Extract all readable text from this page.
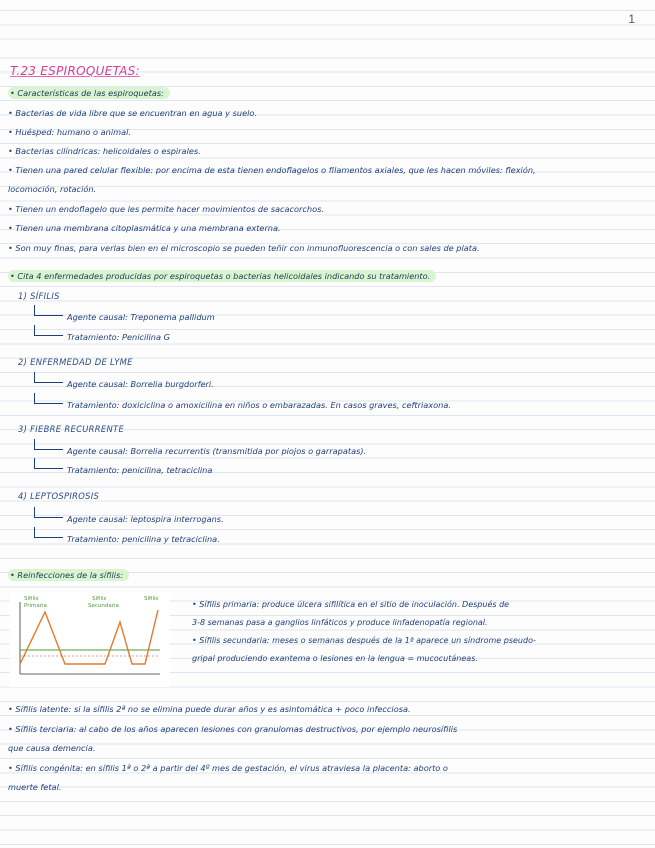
1
T.23 ESPIROQUETAS:
• Características de las espiroquetas:
• Bacterias de vida libre que se encuentran en agua y suelo.
• Huésped: humano o animal.
• Bacterias cilíndricas: helicoidales o espirales.
• Tienen una pared celular flexible: por encima de esta tienen endoflagelos o filamentos axiales, que les hacen móviles: flexión,
locomoción, rotación.
• Tienen un endoflagelo que les permite hacer movimientos de sacacorchos.
• Tienen una membrana citoplasmática y una membrana externa.
• Son muy finas, para verlas bien en el microscopio se pueden teñir con inmunofluorescencia o con sales de plata.
• Cita 4 enfermedades producidas por espiroquetas o bacterias helicoidales indicando su tratamiento.
1) SÍFILIS
Agente causal: Treponema pallidum
Tratamiento: Penicilina G
2) ENFERMEDAD DE LYME
Agente causal: Borrelia burgdorferi.
Tratamiento: doxiciclina o amoxicilina en niños o embarazadas. En casos graves, ceftriaxona.
3) FIEBRE RECURRENTE
Agente causal: Borrelia recurrentis (transmitida por piojos o garrapatas).
Tratamiento: penicilina, tetraciclina
4) LEPTOSPIROSIS
Agente causal: leptospira interrogans.
Tratamiento: penicilina y tetraciclina.
• Reinfecciones de la sífilis:
Sífilis
Primaria
Sífilis
Secundaria
Sífilis
• Sífilis primaria: produce úlcera sifilítica en el sitio de inoculación. Después de
3-8 semanas pasa a ganglios linfáticos y produce linfadenopatía regional.
• Sífilis secundaria: meses o semanas después de la 1ª aparece un síndrome pseudo-
gripal produciendo exantema o lesiones en la lengua = mucocutáneas.
• Sífilis latente: si la sífilis 2ª no se elimina puede durar años y es asintomática + poco infecciosa.
• Sífilis terciaria: al cabo de los años aparecen lesiones con granulomas destructivos, por ejemplo neurosífilis
que causa demencia.
• Sífilis congénita: en sífilis 1ª o 2ª a partir del 4º mes de gestación, el virus atraviesa la placenta: aborto o
muerte fetal.
